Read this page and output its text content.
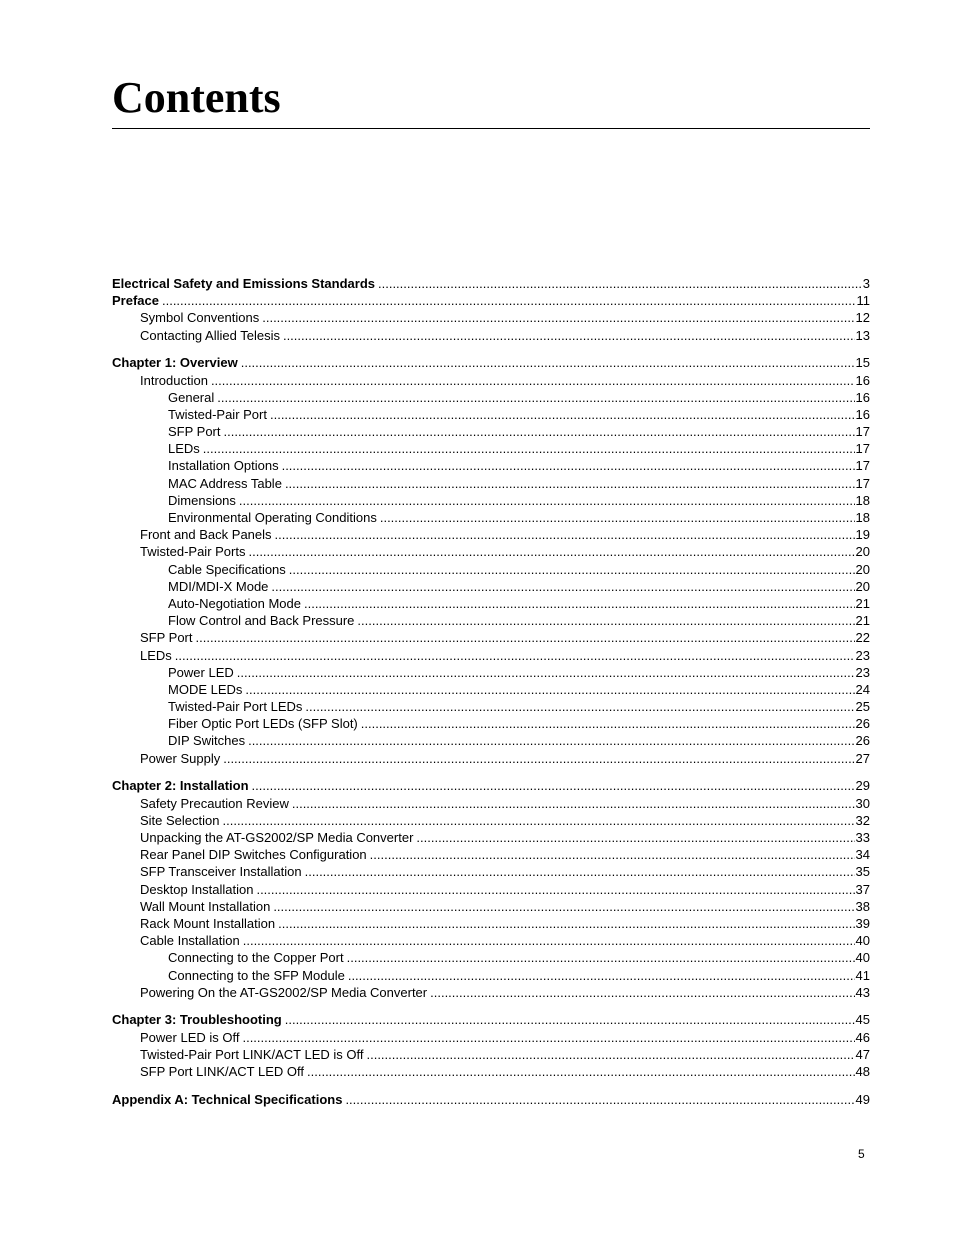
Contents
Electrical Safety and Emissions Standards .....	3
Preface .....	11
Symbol Conventions .....	12
Contacting Allied Telesis .....	13
Chapter 1: Overview .....	15
Introduction .....	16
General .....	16
Twisted-Pair Port .....	16
SFP Port .....	17
LEDs .....	17
Installation Options .....	17
MAC Address Table .....	17
Dimensions .....	18
Environmental Operating Conditions .....	18
Front and Back Panels .....	19
Twisted-Pair Ports .....	20
Cable Specifications .....	20
MDI/MDI-X Mode .....	20
Auto-Negotiation Mode .....	21
Flow Control and Back Pressure .....	21
SFP Port .....	22
LEDs .....	23
Power LED .....	23
MODE LEDs .....	24
Twisted-Pair Port LEDs .....	25
Fiber Optic Port LEDs (SFP Slot) .....	26
DIP Switches .....	26
Power Supply .....	27
Chapter 2: Installation .....	29
Safety Precaution Review .....	30
Site Selection .....	32
Unpacking the AT-GS2002/SP Media Converter .....	33
Rear Panel DIP Switches Configuration .....	34
SFP Transceiver Installation .....	35
Desktop Installation .....	37
Wall Mount Installation .....	38
Rack Mount Installation .....	39
Cable Installation .....	40
Connecting to the Copper Port .....	40
Connecting to the SFP Module .....	41
Powering On the AT-GS2002/SP Media Converter .....	43
Chapter 3: Troubleshooting .....	45
Power LED is Off .....	46
Twisted-Pair Port LINK/ACT LED is Off .....	47
SFP Port LINK/ACT LED Off .....	48
Appendix A: Technical Specifications .....	49
5
